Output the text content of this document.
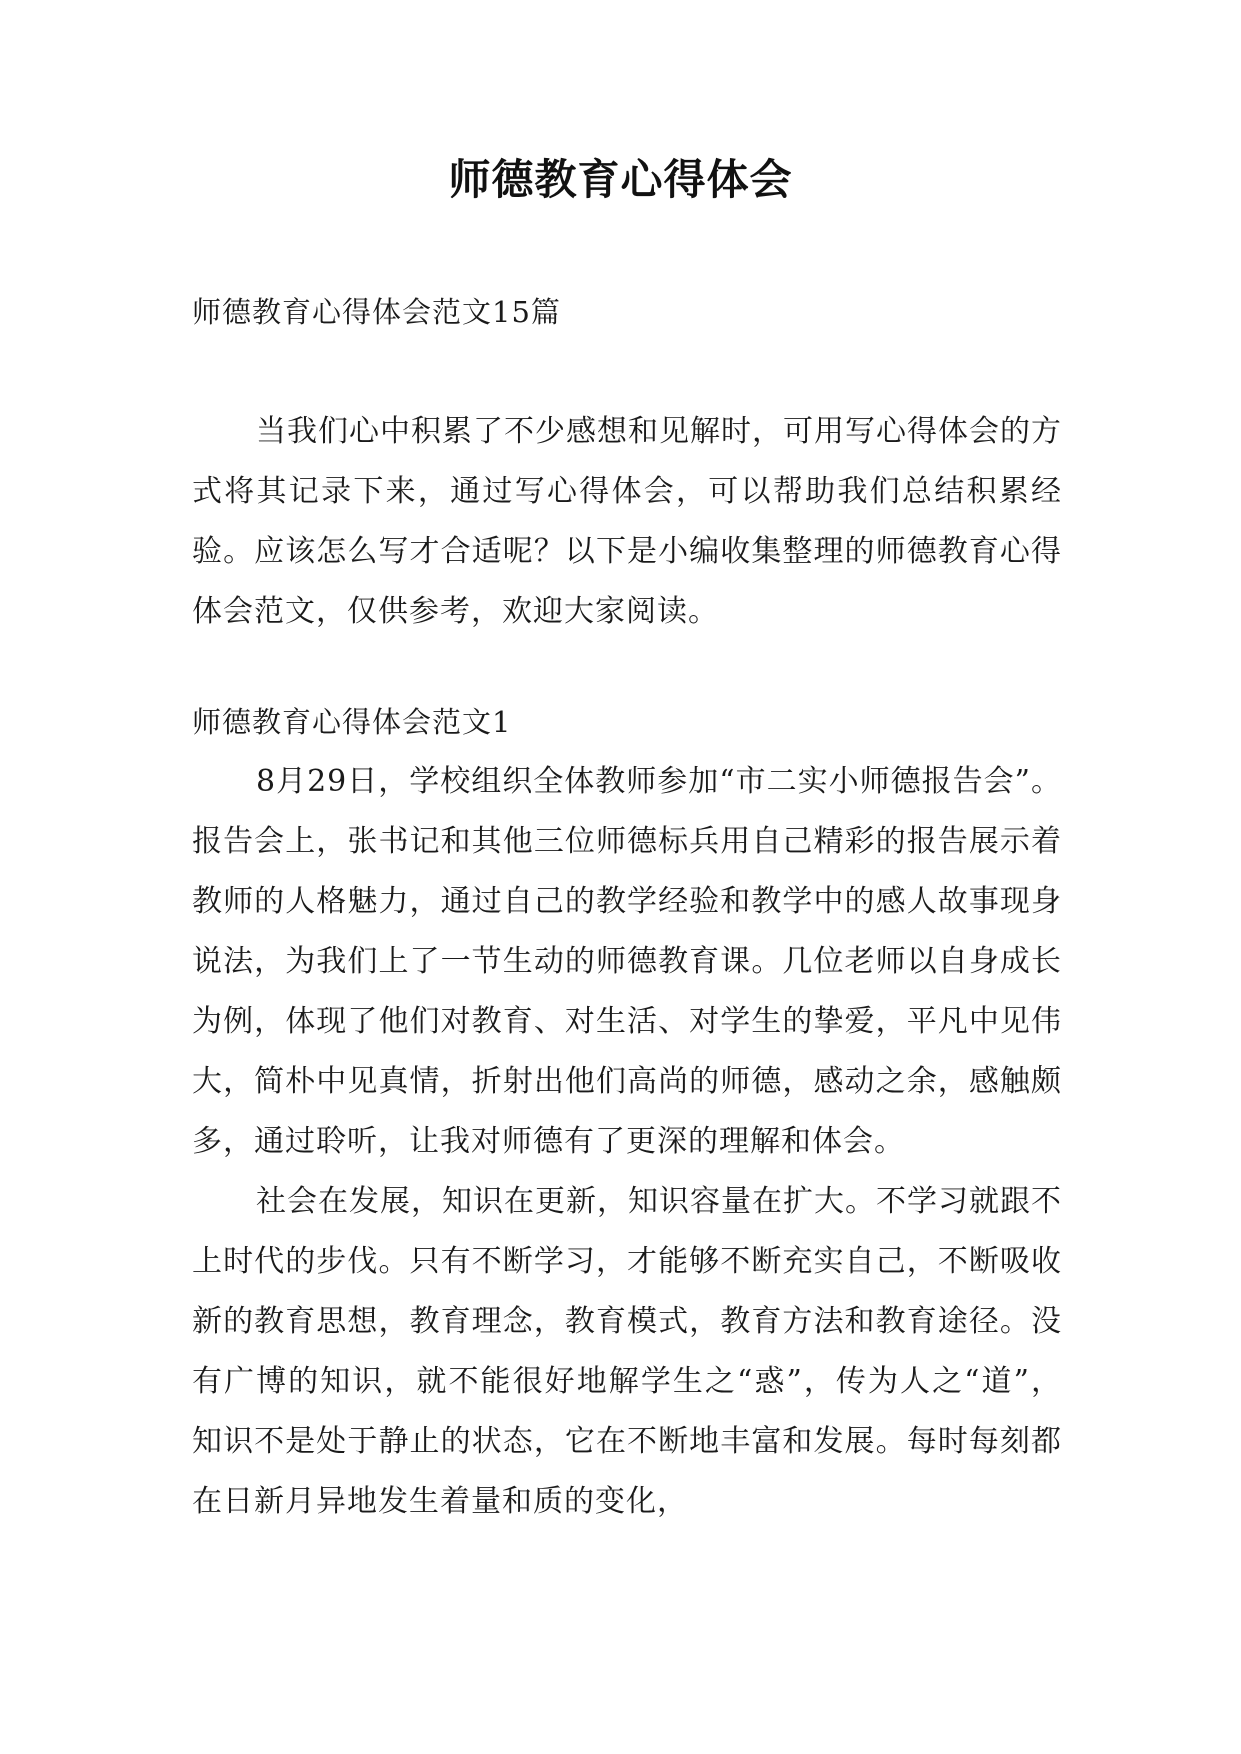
师德教育心得体会

师德教育心得体会范文15篇

当我们心中积累了不少感想和见解时，可用写心得体会的方式将其记录下来，通过写心得体会，可以帮助我们总结积累经验。应该怎么写才合适呢？以下是小编收集整理的师德教育心得体会范文，仅供参考，欢迎大家阅读。

师德教育心得体会范文1

8月29日，学校组织全体教师参加“市二实小师德报告会”。报告会上，张书记和其他三位师德标兵用自己精彩的报告展示着教师的人格魅力，通过自己的教学经验和教学中的感人故事现身说法，为我们上了一节生动的师德教育课。几位老师以自身成长为例，体现了他们对教育、对生活、对学生的挚爱，平凡中见伟大，简朴中见真情，折射出他们高尚的师德，感动之余，感触颇多，通过聆听，让我对师德有了更深的理解和体会。

社会在发展，知识在更新，知识容量在扩大。不学习就跟不上时代的步伐。只有不断学习，才能够不断充实自己，不断吸收新的教育思想，教育理念，教育模式，教育方法和教育途径。没有广博的知识，就不能很好地解学生之“惑”，传为人之“道”，知识不是处于静止的状态，它在不断地丰富和发展。每时每刻都在日新月异地发生着量和质的变化，
